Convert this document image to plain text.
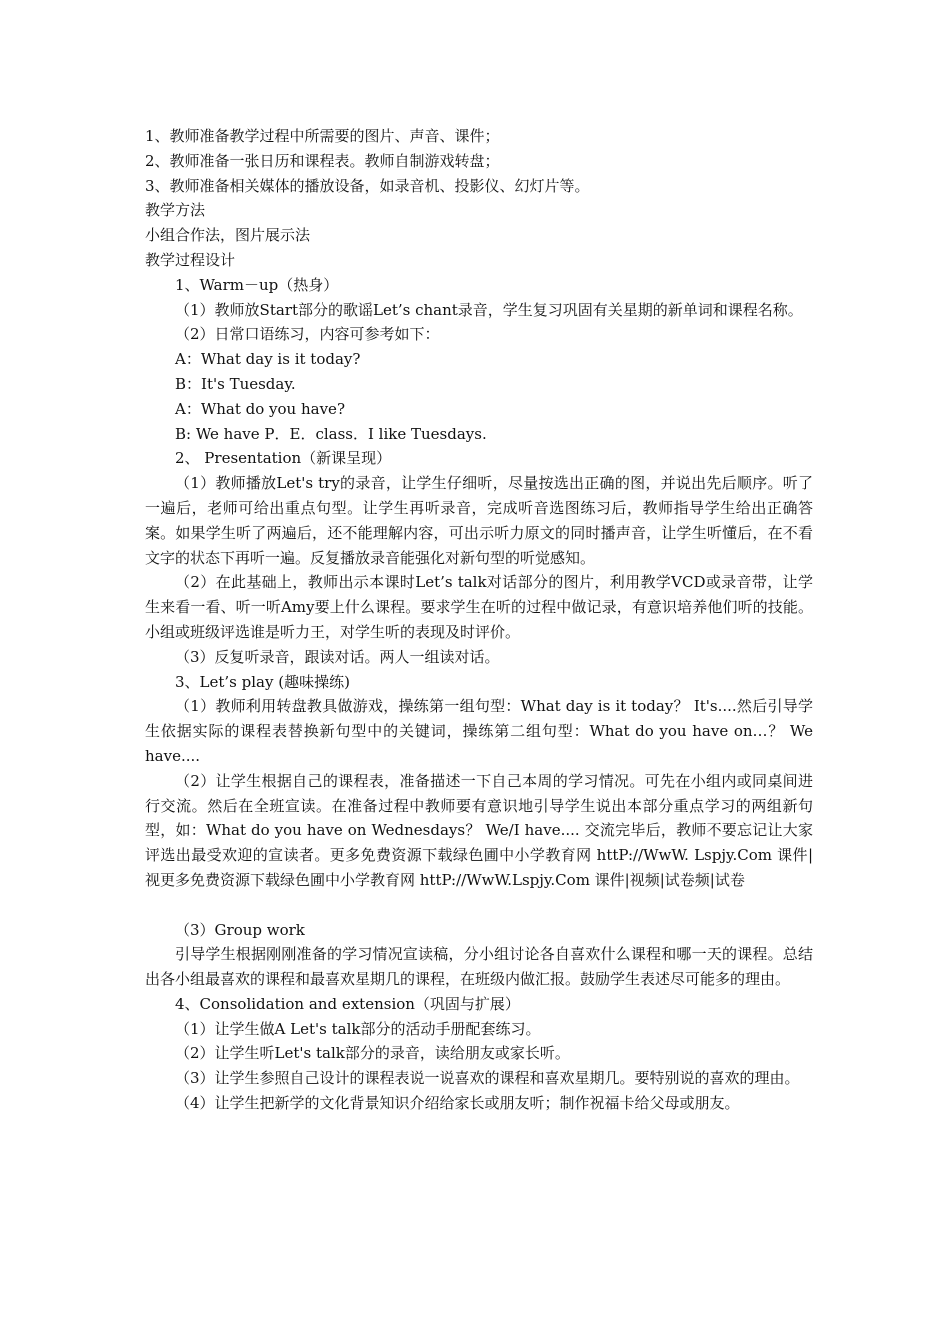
1、教师准备教学过程中所需要的图片、声音、课件；

2、教师准备一张日历和课程表。教师自制游戏转盘；

3、教师准备相关媒体的播放设备，如录音机、投影仪、幻灯片等。

教学方法

小组合作法，图片展示法

教学过程设计

1、Warm－up（热身）

（1）教师放Start部分的歌谣Let’s chant录音，学生复习巩固有关星期的新单词和课程名称。

（2）日常口语练习，内容可参考如下：

A：What day is it today?

B：It's Tuesday.

A：What do you have?

B: We have P．E．class．I like Tuesdays.

2、 Presentation（新课呈现）

（1）教师播放Let's try的录音，让学生仔细听，尽量按选出正确的图，并说出先后顺序。听了一遍后，老师可给出重点句型。让学生再听录音，完成听音选图练习后，教师指导学生给出正确答案。如果学生听了两遍后，还不能理解内容，可出示听力原文的同时播声音，让学生听懂后，在不看文字的状态下再听一遍。反复播放录音能强化对新句型的听觉感知。

（2）在此基础上，教师出示本课时Let’s talk对话部分的图片，利用教学VCD或录音带，让学生来看一看、听一听Amy要上什么课程。要求学生在听的过程中做记录，有意识培养他们听的技能。小组或班级评选谁是听力王，对学生听的表现及时评价。

（3）反复听录音，跟读对话。两人一组读对话。

3、Let’s play (趣味操练)

（1）教师利用转盘教具做游戏，操练第一组句型：What day is it today？ It's....然后引导学生依据实际的课程表替换新句型中的关键词，操练第二组句型：What do you have on…？ We have....

（2）让学生根据自己的课程表，准备描述一下自己本周的学习情况。可先在小组内或同桌间进行交流。然后在全班宣读。在准备过程中教师要有意识地引导学生说出本部分重点学习的两组新句型，如：What do you have on Wednesdays？ We/I have.... 交流完毕后，教师不要忘记让大家评选出最受欢迎的宣读者。更多免费资源下载绿色圃中小学教育网 httP://WwW. Lspjy.Com 课件|视更多免费资源下载绿色圃中小学教育网 httP://WwW.Lspjy.Com 课件|视频|试卷频|试卷

（3）Group work

引导学生根据刚刚准备的学习情况宣读稿，分小组讨论各自喜欢什么课程和哪一天的课程。总结出各小组最喜欢的课程和最喜欢星期几的课程，在班级内做汇报。鼓励学生表述尽可能多的理由。

4、Consolidation and extension（巩固与扩展）

（1）让学生做A Let's talk部分的活动手册配套练习。

（2）让学生听Let's talk部分的录音，读给朋友或家长听。

（3）让学生参照自己设计的课程表说一说喜欢的课程和喜欢星期几。要特别说的喜欢的理由。

（4）让学生把新学的文化背景知识介绍给家长或朋友听；制作祝福卡给父母或朋友。
